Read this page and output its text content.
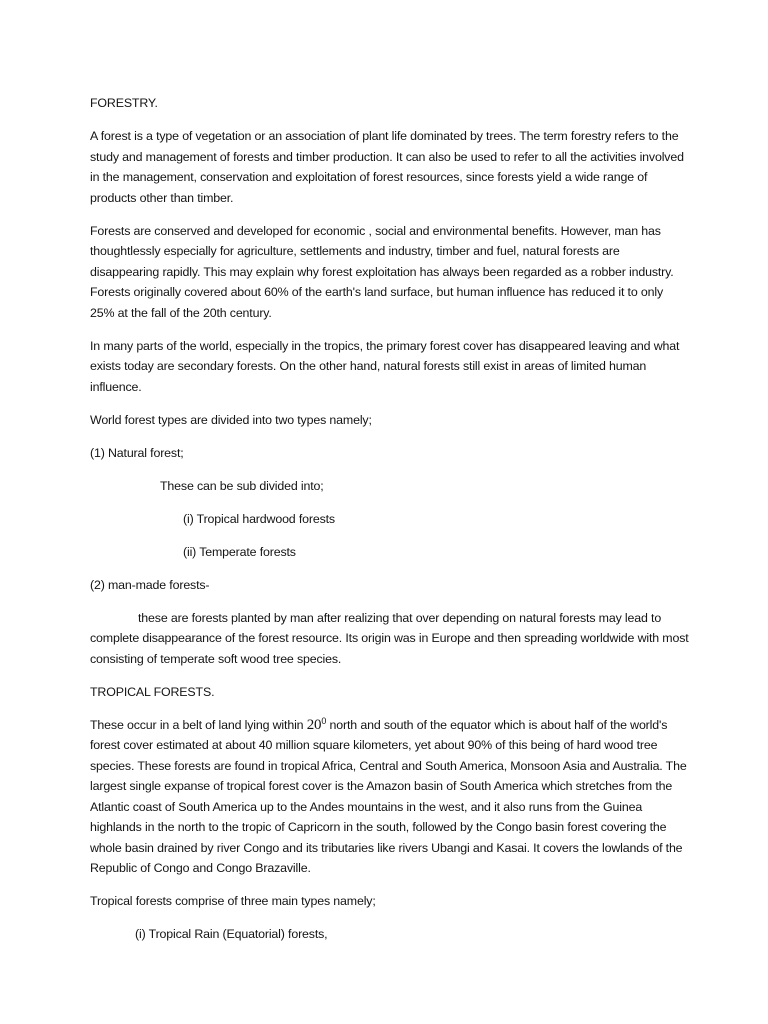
FORESTRY.

A forest is a type of vegetation or an association of plant life dominated by trees. The term forestry refers to the study and management of forests and timber production. It can also be used to refer to all the activities involved in the management, conservation and exploitation of forest resources, since forests yield a wide range of products other than timber.

Forests are conserved and developed for economic , social and environmental benefits. However, man has thoughtlessly especially for agriculture, settlements and industry, timber and fuel, natural forests are disappearing rapidly. This may explain why forest exploitation has always been regarded as a robber industry. Forests originally covered about 60% of the earth's land surface, but human influence has reduced it to only 25% at the fall of the 20th century.

In many parts of the world, especially in the tropics, the primary forest cover has disappeared leaving and what exists today are secondary forests. On the other hand, natural forests still exist in areas of limited human influence.

World forest types are divided into two types namely;

(1) Natural forest;

These can be sub divided into;

(i) Tropical hardwood forests

(ii) Temperate forests

(2) man-made forests-

these are forests planted by man after realizing that over depending on natural forests may lead to complete disappearance of the forest resource. Its origin was in Europe and then spreading worldwide with most consisting of temperate soft wood tree species.

TROPICAL FORESTS.

These occur in a belt of land lying within $20^0$ north and south of the equator which is about half of the world's forest cover estimated at about 40 million square kilometers, yet about 90% of this being of hard wood tree species. These forests are found in tropical Africa, Central and South America, Monsoon Asia and Australia. The largest single expanse of tropical forest cover is the Amazon basin of South America which stretches from the Atlantic coast of South America up to the Andes mountains in the west, and it also runs from the Guinea highlands in the north to the tropic of Capricorn in the south, followed by the Congo basin forest covering the whole basin drained by river Congo and its tributaries like rivers Ubangi and Kasai. It covers the lowlands of the Republic of Congo and Congo Brazaville.

Tropical forests comprise of three main types namely;

(i) Tropical Rain (Equatorial) forests,
